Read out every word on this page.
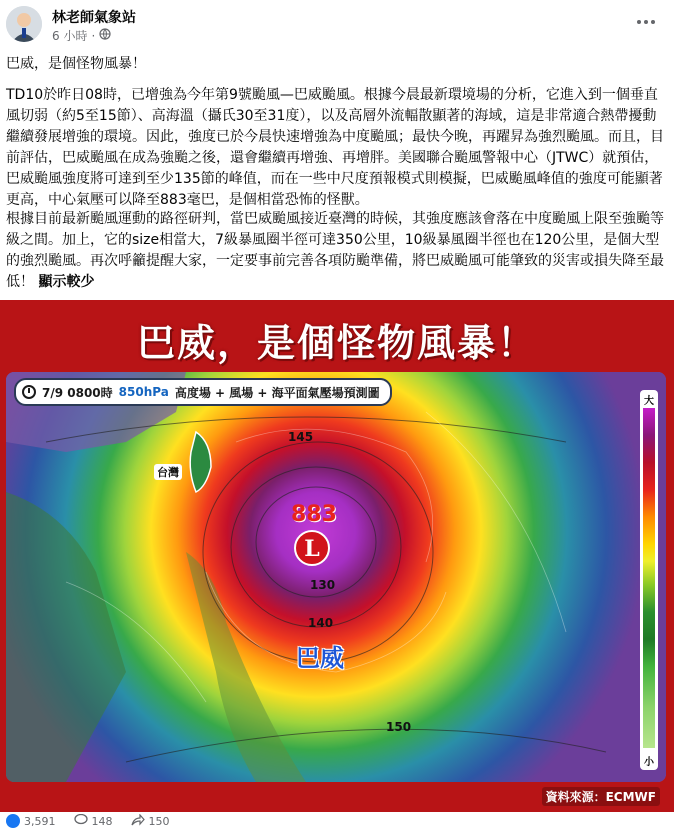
林老師氣象站
6 小時 ·
巴威，是個怪物風暴！
TD10於昨日08時，已增強為今年第9號颱風—巴威颱風。根據今晨最新環境場的分析，它進入到一個垂直風切弱（約5至15節）、高海溫（攝氏30至31度），以及高層外流輻散顯著的海域，這是非常適合熱帶擾動繼續發展增強的環境。因此，強度已於今晨快速增強為中度颱風；最快今晚，再躍昇為強烈颱風。而且，目前評估，巴威颱風在成為強颱之後，還會繼續再增強、再增胖。美國聯合颱風警報中心（JTWC）就預估，巴威颱風強度將可達到至少135節的峰值，而在一些中尺度預報模式則模擬，巴威颱風峰值的強度可能顯著更高，中心氣壓可以降至883毫巴，是個相當恐怖的怪獸。
根據目前最新颱風運動的路徑研判，當巴威颱風接近臺灣的時候，其強度應該會落在中度颱風上限至強颱等級之間。加上，它的size相當大，7級暴風圈半徑可達350公里，10級暴風圈半徑也在120公里，是個大型的強烈颱風。再次呼籲提醒大家，一定要事前完善各項防颱準備，將巴威颱風可能肇致的災害或損失降至最低！ 顯示較少
巴威，是個怪物風暴！
7/9 0800時 850hPa 高度場 + 風場 + 海平面氣壓場預測圖
台灣
145
883
L
130
140
巴威
150
大
小
資料來源：ECMWF
3,591	148	150
